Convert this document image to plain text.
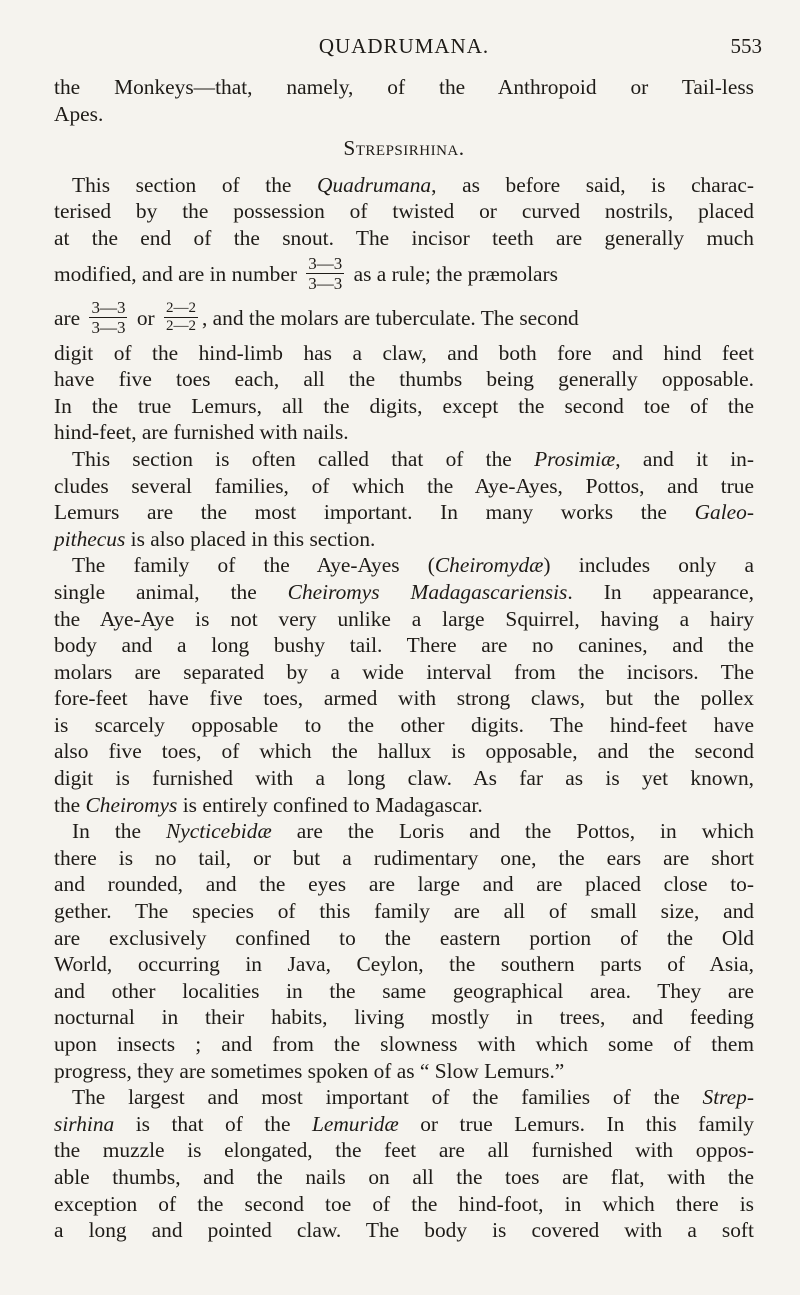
QUADRUMANA.	553
the Monkeys—that, namely, of the Anthropoid or Tail-less
Apes.
Strepsirhina.
This section of the Quadrumana, as before said, is charac-
terised by the possession of twisted or curved nostrils, placed
at the end of the snout. The incisor teeth are generally much
modified, and are in number $\frac{3—3}{3—3}$ as a rule; the præmolars
are $\frac{3—3}{3—3}$ or $\frac{2—2}{2—2}$ , and the molars are tuberculate. The second
digit of the hind-limb has a claw, and both fore and hind feet
have five toes each, all the thumbs being generally opposable.
In the true Lemurs, all the digits, except the second toe of the
hind-feet, are furnished with nails.
This section is often called that of the Prosimiæ, and it in-
cludes several families, of which the Aye-Ayes, Pottos, and true
Lemurs are the most important. In many works the Galeo-
pithecus is also placed in this section.
The family of the Aye-Ayes (Cheiromydæ) includes only a
single animal, the Cheiromys Madagascariensis. In appearance,
the Aye-Aye is not very unlike a large Squirrel, having a hairy
body and a long bushy tail. There are no canines, and the
molars are separated by a wide interval from the incisors. The
fore-feet have five toes, armed with strong claws, but the pollex
is scarcely opposable to the other digits. The hind-feet have
also five toes, of which the hallux is opposable, and the second
digit is furnished with a long claw. As far as is yet known,
the Cheiromys is entirely confined to Madagascar.
In the Nycticebidæ are the Loris and the Pottos, in which
there is no tail, or but a rudimentary one, the ears are short
and rounded, and the eyes are large and are placed close to-
gether. The species of this family are all of small size, and
are exclusively confined to the eastern portion of the Old
World, occurring in Java, Ceylon, the southern parts of Asia,
and other localities in the same geographical area. They are
nocturnal in their habits, living mostly in trees, and feeding
upon insects ; and from the slowness with which some of them
progress, they are sometimes spoken of as “ Slow Lemurs.”
The largest and most important of the families of the Strep-
sirhina is that of the Lemuridæ or true Lemurs. In this family
the muzzle is elongated, the feet are all furnished with oppos-
able thumbs, and the nails on all the toes are flat, with the
exception of the second toe of the hind-foot, in which there is
a long and pointed claw. The body is covered with a soft
